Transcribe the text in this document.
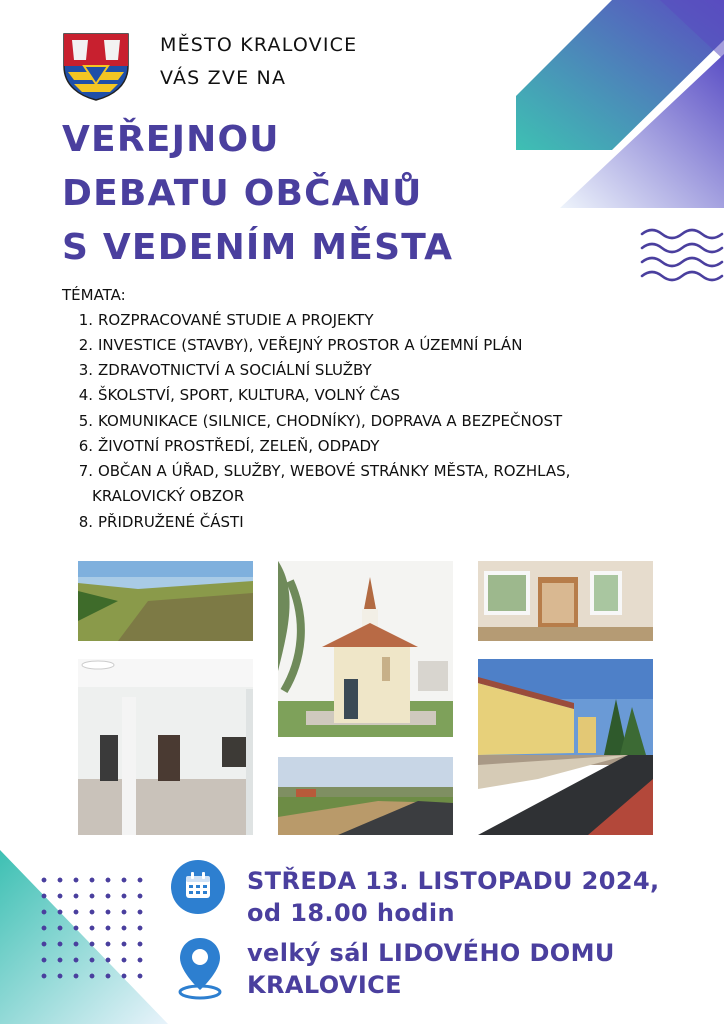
MĚSTO KRALOVICE
VÁS ZVE NA
VEŘEJNOU
DEBATU OBČANŮ
S VEDENÍM MĚSTA
TÉMATA:
1. ROZPRACOVANÉ STUDIE A PROJEKTY
2. INVESTICE (STAVBY), VEŘEJNÝ PROSTOR A ÚZEMNÍ PLÁN
3. ZDRAVOTNICTVÍ A SOCIÁLNÍ SLUŽBY
4. ŠKOLSTVÍ, SPORT, KULTURA, VOLNÝ ČAS
5. KOMUNIKACE (SILNICE, CHODNÍKY), DOPRAVA A BEZPEČNOST
6. ŽIVOTNÍ PROSTŘEDÍ, ZELEŇ, ODPADY
7. OBČAN A ÚŘAD, SLUŽBY, WEBOVÉ STRÁNKY MĚSTA, ROZHLAS,
KRALOVICKÝ OBZOR
8. PŘIDRUŽENÉ ČÁSTI
STŘEDA 13. LISTOPADU 2024,
od 18.00 hodin
velký sál LIDOVÉHO DOMU
KRALOVICE
